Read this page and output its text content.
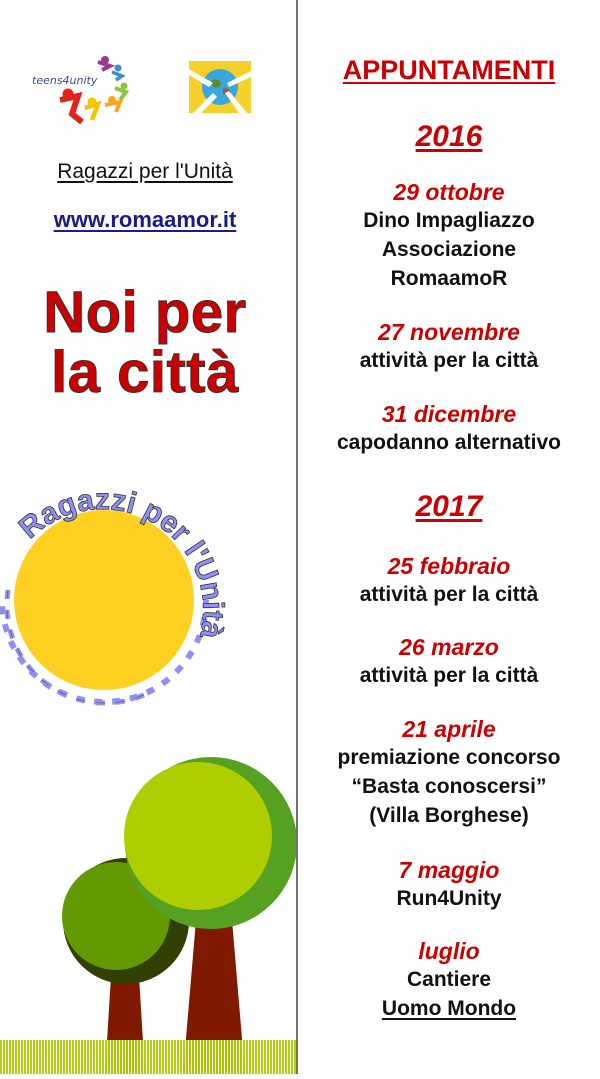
teens4unity
Ragazzi per l'Unità
www.romaamor.it
Noi per
la città
Ragazzi per l'Unità
APPUNTAMENTI
2016
29 ottobre
Dino Impagliazzo
Associazione
RomaamoR
27 novembre
attività per la città
31 dicembre
capodanno alternativo
2017
25 febbraio
attività per la città
26 marzo
attività per la città
21 aprile
premiazione concorso
“Basta conoscersi”
(Villa Borghese)
7 maggio
Run4Unity
luglio
Cantiere
Uomo Mondo
